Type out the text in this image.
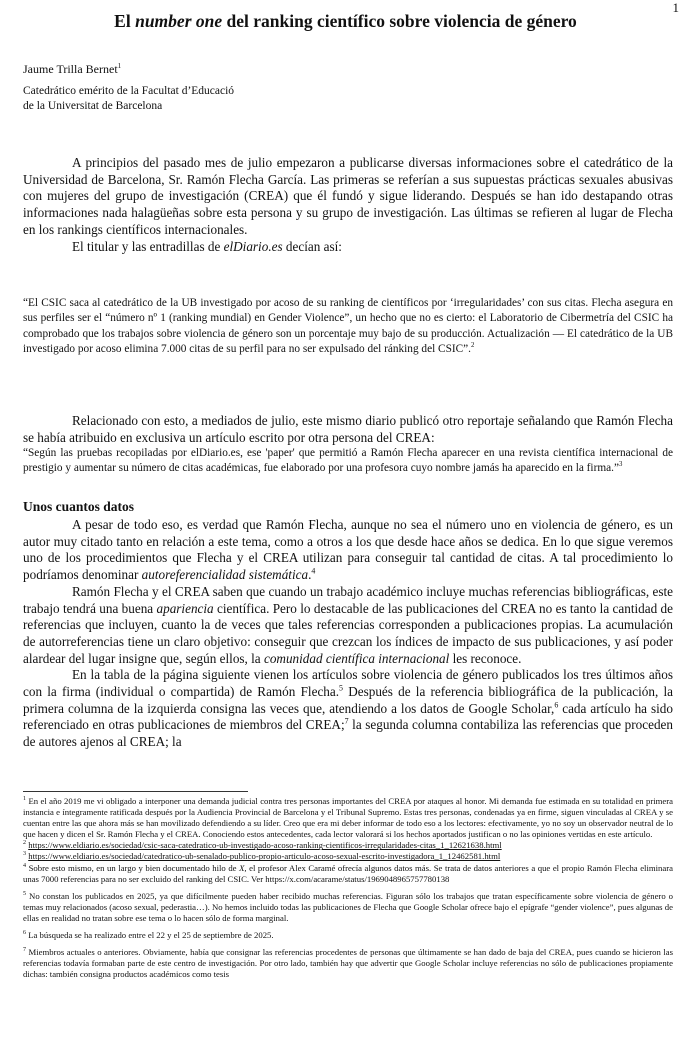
1
El number one del ranking científico sobre violencia de género
Jaume Trilla Bernet$^1$
Catedrático emérito de la Facultat d’Educació
de la Universitat de Barcelona

A principios del pasado mes de julio empezaron a publicarse diversas informaciones sobre el catedrático de la Universidad de Barcelona, Sr. Ramón Flecha García. Las primeras se referían a sus supuestas prácticas sexuales abusivas con mujeres del grupo de investigación (CREA) que él fundó y sigue liderando. Después se han ido destapando otras informaciones nada halagüeñas sobre esta persona y su grupo de investigación. Las últimas se refieren al lugar de Flecha en los rankings científicos internacionales.

El titular y las entradillas de elDiario.es decían así:

“El CSIC saca al catedrático de la UB investigado por acoso de su ranking de científicos por ‘irregularidades’ con sus citas. Flecha asegura en sus perfiles ser el “número nº 1 (ranking mundial) en Gender Violence”, un hecho que no es cierto: el Laboratorio de Cibermetría del CSIC ha comprobado que los trabajos sobre violencia de género son un porcentaje muy bajo de su producción. Actualización — El catedrático de la UB investigado por acoso elimina 7.000 citas de su perfil para no ser expulsado del ránking del CSIC”.$^2$

Relacionado con esto, a mediados de julio, este mismo diario publicó otro reportaje señalando que Ramón Flecha se había atribuido en exclusiva un artículo escrito por otra persona del CREA:

“Según las pruebas recopiladas por elDiario.es, ese 'paper' que permitió a Ramón Flecha aparecer en una revista científica internacional de prestigio y aumentar su número de citas académicas, fue elaborado por una profesora cuyo nombre jamás ha aparecido en la firma.”$^3$

Unos cuantos datos

A pesar de todo eso, es verdad que Ramón Flecha, aunque no sea el número uno en violencia de género, es un autor muy citado tanto en relación a este tema, como a otros a los que desde hace años se dedica. En lo que sigue veremos uno de los procedimientos que Flecha y el CREA utilizan para conseguir tal cantidad de citas. A tal procedimiento lo podríamos denominar autoreferencialidad sistemática.$^4$

Ramón Flecha y el CREA saben que cuando un trabajo académico incluye muchas referencias bibliográficas, este trabajo tendrá una buena apariencia científica. Pero lo destacable de las publicaciones del CREA no es tanto la cantidad de referencias que incluyen, cuanto la de veces que tales referencias corresponden a publicaciones propias. La acumulación de autorreferencias tiene un claro objetivo: conseguir que crezcan los índices de impacto de sus publicaciones, y así poder alardear del lugar insigne que, según ellos, la comunidad científica internacional les reconoce.

En la tabla de la página siguiente vienen los artículos sobre violencia de género publicados los tres últimos años con la firma (individual o compartida) de Ramón Flecha.$^5$ Después de la referencia bibliográfica de la publicación, la primera columna de la izquierda consigna las veces que, atendiendo a los datos de Google Scholar,$^6$ cada artículo ha sido referenciado en otras publicaciones de miembros del CREA;$^7$ la segunda columna contabiliza las referencias que proceden de autores ajenos al CREA; la

$^1$ En el año 2019 me vi obligado a interponer una demanda judicial contra tres personas importantes del CREA por ataques al honor. Mi demanda fue estimada en su totalidad en primera instancia e íntegramente ratificada después por la Audiencia Provincial de Barcelona y el Tribunal Supremo. Estas tres personas, condenadas ya en firme, siguen vinculadas al CREA y se cuentan entre las que ahora más se han movilizado defendiendo a su líder. Creo que era mi deber informar de todo eso a los lectores: efectivamente, yo no soy un observador neutral de lo que hacen y dicen el Sr. Ramón Flecha y el CREA. Conociendo estos antecedentes, cada lector valorará si los hechos aportados justifican o no las opiniones vertidas en este artículo.
$^2$ https://www.eldiario.es/sociedad/csic-saca-catedratico-ub-investigado-acoso-ranking-cientificos-irregularidades-citas_1_12621638.html
$^3$ https://www.eldiario.es/sociedad/catedratico-ub-senalado-publico-propio-articulo-acoso-sexual-escrito-investigadora_1_12462581.html
$^4$ Sobre esto mismo, en un largo y bien documentado hilo de X, el profesor Alex Caramé ofrecía algunos datos más. Se trata de datos anteriores a que el propio Ramón Flecha eliminara unas 7000 referencias para no ser excluido del ranking del CSIC. Ver https://x.com/acarame/status/1969048965757780138
$^5$ No constan los publicados en 2025, ya que difícilmente pueden haber recibido muchas referencias. Figuran sólo los trabajos que tratan específicamente sobre violencia de género o temas muy relacionados (acoso sexual, pederastia…). No hemos incluido todas las publicaciones de Flecha que Google Scholar ofrece bajo el epígrafe “gender violence”, pues algunas de ellas en realidad no tratan sobre ese tema o lo hacen sólo de forma marginal.
$^6$ La búsqueda se ha realizado entre el 22 y el 25 de septiembre de 2025.
$^7$ Miembros actuales o anteriores. Obviamente, había que consignar las referencias procedentes de personas que últimamente se han dado de baja del CREA, pues cuando se hicieron las referencias todavía formaban parte de este centro de investigación. Por otro lado, también hay que advertir que Google Scholar incluye referencias no sólo de publicaciones propiamente dichas: también consigna productos académicos como tesis
